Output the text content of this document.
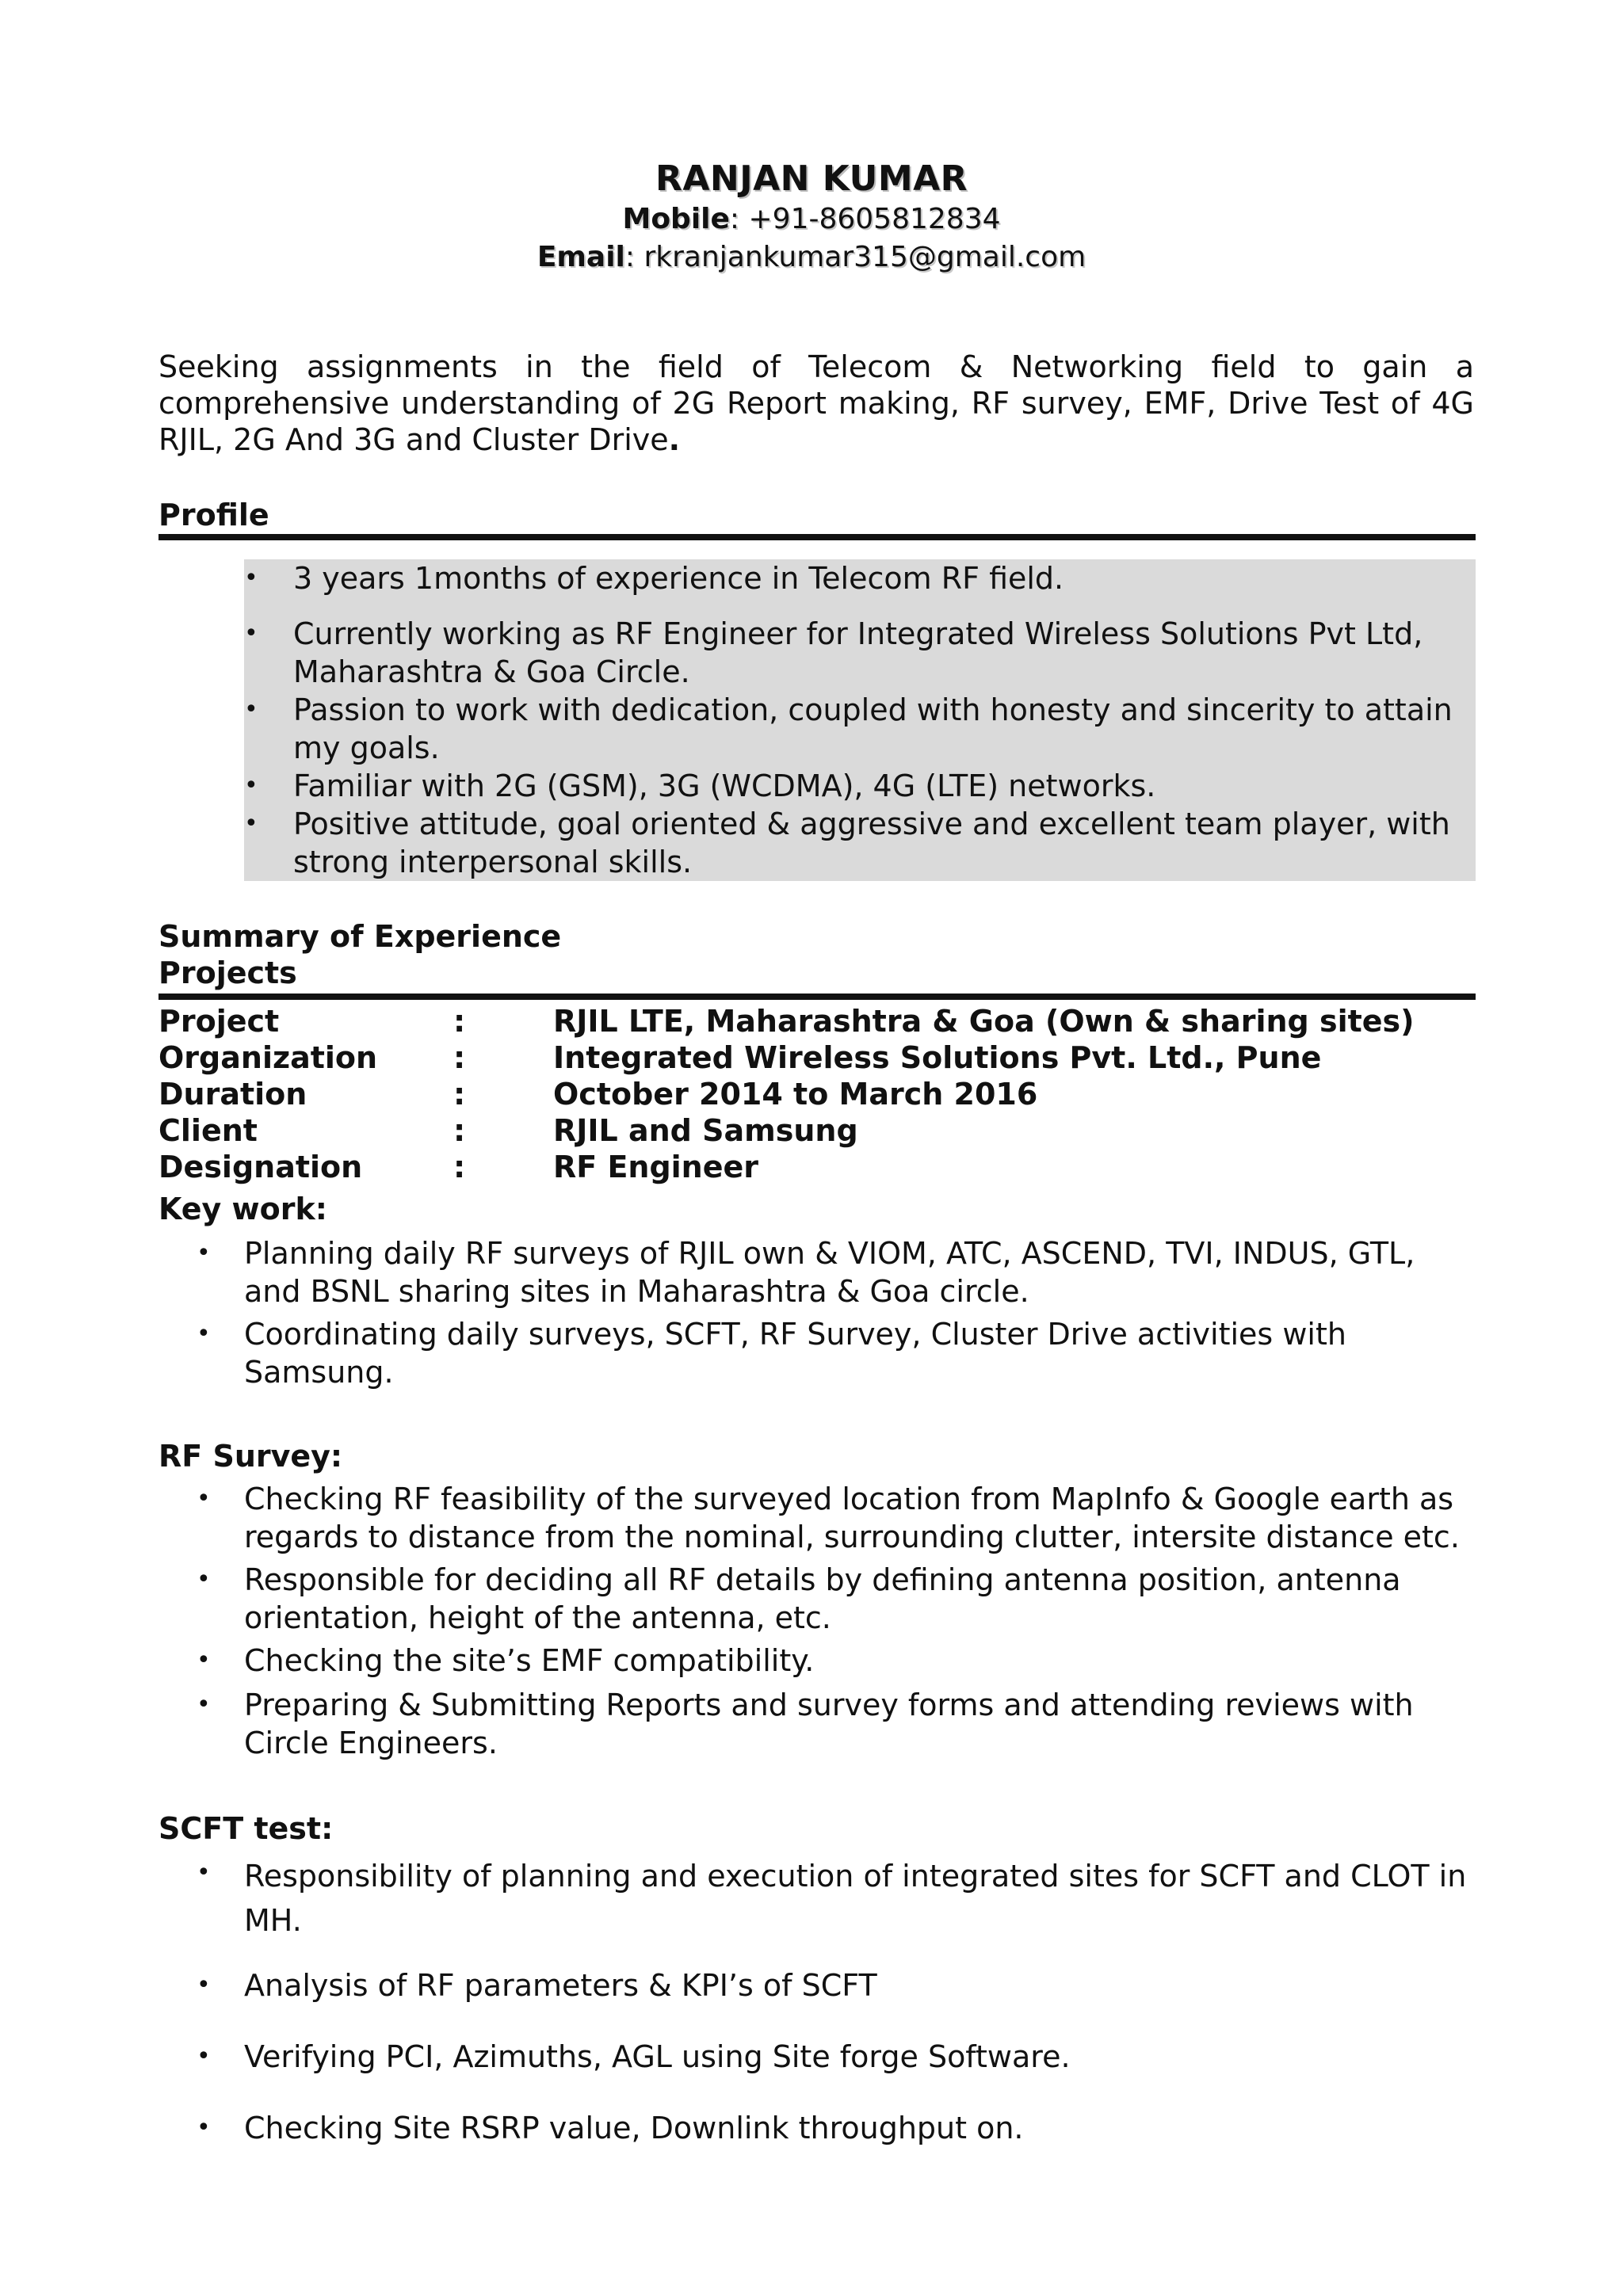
RANJAN KUMAR
Mobile: +91-8605812834
Email: rkranjankumar315@gmail.com
Seeking assignments in the field of Telecom & Networking field to gain a comprehensive understanding of 2G Report making, RF survey, EMF, Drive Test of 4G RJIL, 2G And 3G and Cluster Drive.
Profile
• 3 years 1months of experience in Telecom RF field.
• Currently working as RF Engineer for Integrated Wireless Solutions Pvt Ltd, Maharashtra & Goa Circle.
• Passion to work with dedication, coupled with honesty and sincerity to attain my goals.
• Familiar with 2G (GSM), 3G (WCDMA), 4G (LTE) networks.
• Positive attitude, goal oriented & aggressive and excellent team player, with strong interpersonal skills.
Summary of Experience
Projects
Project	:	RJIL LTE, Maharashtra & Goa (Own & sharing sites)
Organization	:	Integrated Wireless Solutions Pvt. Ltd., Pune
Duration	:	October 2014 to March 2016
Client	:	RJIL and Samsung
Designation	:	RF Engineer
Key work:
• Planning daily RF surveys of RJIL own & VIOM, ATC, ASCEND, TVI, INDUS, GTL, and BSNL sharing sites in Maharashtra & Goa circle.
• Coordinating daily surveys, SCFT, RF Survey, Cluster Drive activities with Samsung.
RF Survey:
• Checking RF feasibility of the surveyed location from MapInfo & Google earth as regards to distance from the nominal, surrounding clutter, intersite distance etc.
• Responsible for deciding all RF details by defining antenna position, antenna orientation, height of the antenna, etc.
• Checking the site’s EMF compatibility.
• Preparing & Submitting Reports and survey forms and attending reviews with Circle Engineers.
SCFT test:
• Responsibility of planning and execution of integrated sites for SCFT and CLOT in MH.
• Analysis of RF parameters & KPI’s of SCFT
• Verifying PCI, Azimuths, AGL using Site forge Software.
• Checking Site RSRP value, Downlink throughput on.
